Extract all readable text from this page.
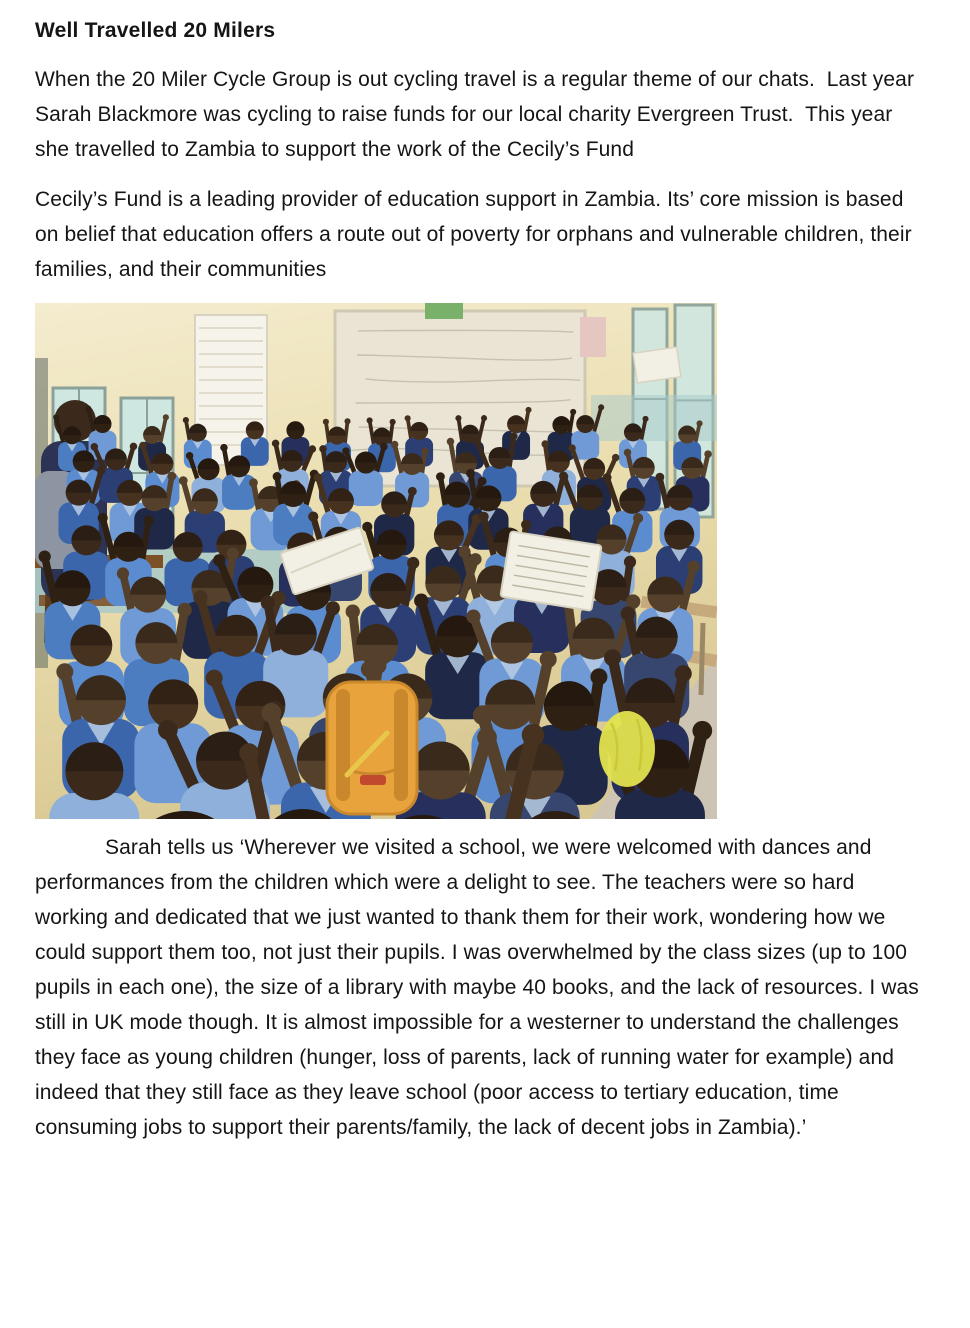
Well Travelled 20 Milers

When the 20 Miler Cycle Group is out cycling travel is a regular theme of our chats.  Last year Sarah Blackmore was cycling to raise funds for our local charity Evergreen Trust.  This year she travelled to Zambia to support the work of the Cecily’s Fund

Cecily’s Fund is a leading provider of education support in Zambia. Its’ core mission is based on belief that education offers a route out of poverty for orphans and vulnerable children, their families, and their communities

Sarah tells us ‘Wherever we visited a school, we were welcomed with dances and performances from the children which were a delight to see. The teachers were so hard working and dedicated that we just wanted to thank them for their work, wondering how we could support them too, not just their pupils. I was overwhelmed by the class sizes (up to 100 pupils in each one), the size of a library with maybe 40 books, and the lack of resources. I was still in UK mode though. It is almost impossible for a westerner to understand the challenges they face as young children (hunger, loss of parents, lack of running water for example) and indeed that they still face as they leave school (poor access to tertiary education, time consuming jobs to support their parents/family, the lack of decent jobs in Zambia).’
